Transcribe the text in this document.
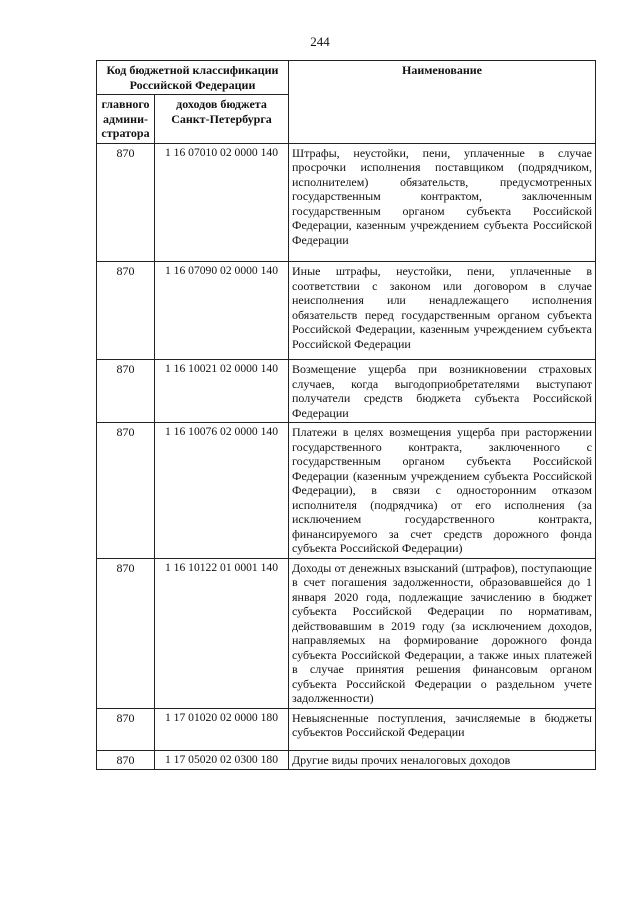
244
Код бюджетной классификации Российской Федерации		Наименование
главного админи-стратора	доходов бюджета Санкт-Петербурга	
870	1 16 07010 02 0000 140	Штрафы, неустойки, пени, уплаченные в случае просрочки исполнения поставщиком (подрядчиком, исполнителем) обязательств, предусмотренных государственным контрактом, заключенным государственным органом субъекта Российской Федерации, казенным учреждением субъекта Российской Федерации
870	1 16 07090 02 0000 140	Иные штрафы, неустойки, пени, уплаченные в соответствии с законом или договором в случае неисполнения или ненадлежащего исполнения обязательств перед государственным органом субъекта Российской Федерации, казенным учреждением субъекта Российской Федерации
870	1 16 10021 02 0000 140	Возмещение ущерба при возникновении страховых случаев, когда выгодоприобретателями выступают получатели средств бюджета субъекта Российской Федерации
870	1 16 10076 02 0000 140	Платежи в целях возмещения ущерба при расторжении государственного контракта, заключенного с государственным органом субъекта Российской Федерации (казенным учреждением субъекта Российской Федерации), в связи с односторонним отказом исполнителя (подрядчика) от его исполнения (за исключением государственного контракта, финансируемого за счет средств дорожного фонда субъекта Российской Федерации)
870	1 16 10122 01 0001 140	Доходы от денежных взысканий (штрафов), поступающие в счет погашения задолженности, образовавшейся до 1 января 2020 года, подлежащие зачислению в бюджет субъекта Российской Федерации по нормативам, действовавшим в 2019 году (за исключением доходов, направляемых на формирование дорожного фонда субъекта Российской Федерации, а также иных платежей в случае принятия решения финансовым органом субъекта Российской Федерации о раздельном учете задолженности)
870	1 17 01020 02 0000 180	Невыясненные поступления, зачисляемые в бюджеты субъектов Российской Федерации
870	1 17 05020 02 0300 180	Другие виды прочих неналоговых доходов
